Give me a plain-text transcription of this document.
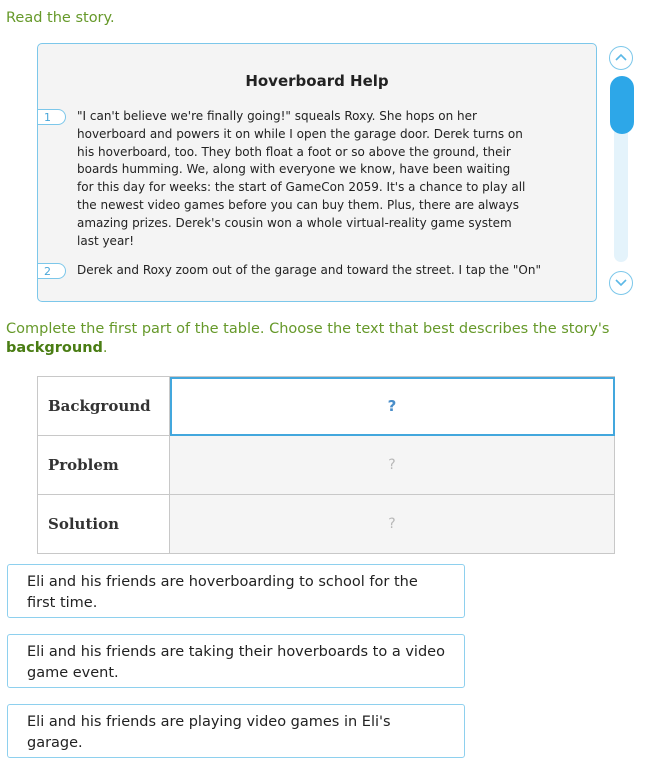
Read the story.
Hoverboard Help
1	"I can't believe we're finally going!" squeals Roxy. She hops on her
hoverboard and powers it on while I open the garage door. Derek turns on
his hoverboard, too. They both float a foot or so above the ground, their
boards humming. We, along with everyone we know, have been waiting
for this day for weeks: the start of GameCon 2059. It's a chance to play all
the newest video games before you can buy them. Plus, there are always
amazing prizes. Derek's cousin won a whole virtual-reality game system
last year!
2	Derek and Roxy zoom out of the garage and toward the street. I tap the "On"
Complete the first part of the table. Choose the text that best describes the story's
background.
Background	?
Problem	?
Solution	?
Eli and his friends are hoverboarding to school for the first time.
Eli and his friends are taking their hoverboards to a video game event.
Eli and his friends are playing video games in Eli's garage.
